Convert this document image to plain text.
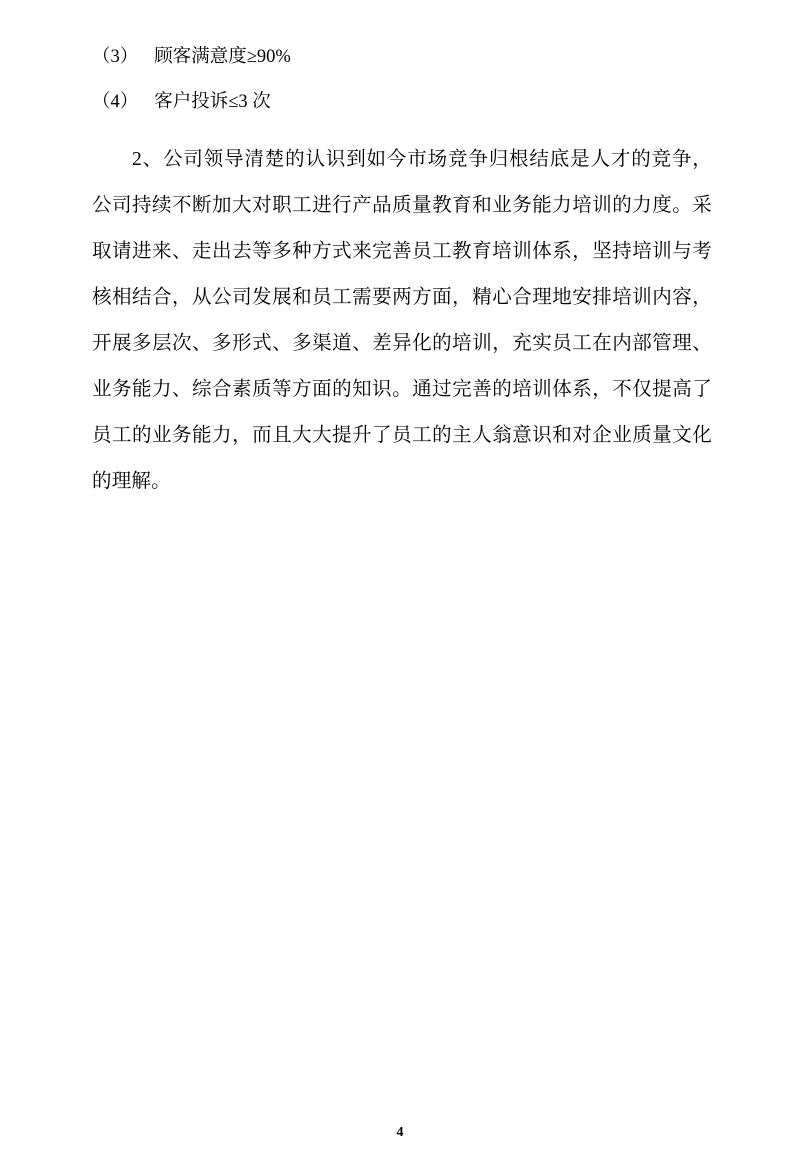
（3） 顾客满意度≥90%
（4） 客户投诉≤3 次

2、公司领导清楚的认识到如今市场竞争归根结底是人才的竞争，公司持续不断加大对职工进行产品质量教育和业务能力培训的力度。采取请进来、走出去等多种方式来完善员工教育培训体系，坚持培训与考核相结合，从公司发展和员工需要两方面，精心合理地安排培训内容，开展多层次、多形式、多渠道、差异化的培训，充实员工在内部管理、业务能力、综合素质等方面的知识。通过完善的培训体系，不仅提高了员工的业务能力，而且大大提升了员工的主人翁意识和对企业质量文化的理解。

4
